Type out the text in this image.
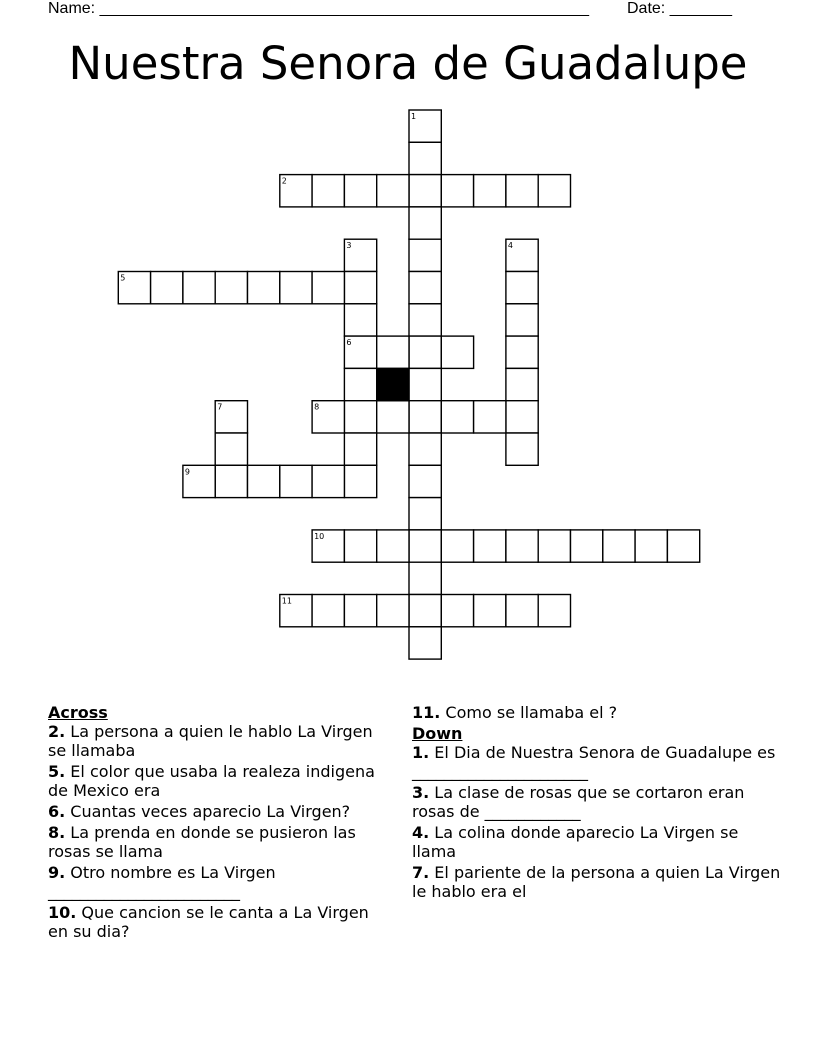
Name: _______________________________________________________ Date: _______
Nuestra Senora de Guadalupe
1
2
3	4
5
6
7	8
9
10
11

Across

2. La persona a quien le hablo La Virgen se llamaba

5. El color que usaba la realeza indigena de Mexico era

6. Cuantas veces aparecio La Virgen?

8. La prenda en donde se pusieron las rosas se llama

9. Otro nombre es La Virgen ________________________

10. Que cancion se le canta a La Virgen en su dia?

11. Como se llamaba el ?

Down

1. El Dia de Nuestra Senora de Guadalupe es ______________________

3. La clase de rosas que se cortaron eran rosas de ____________

4. La colina donde aparecio La Virgen se llama

7. El pariente de la persona a quien La Virgen le hablo era el
